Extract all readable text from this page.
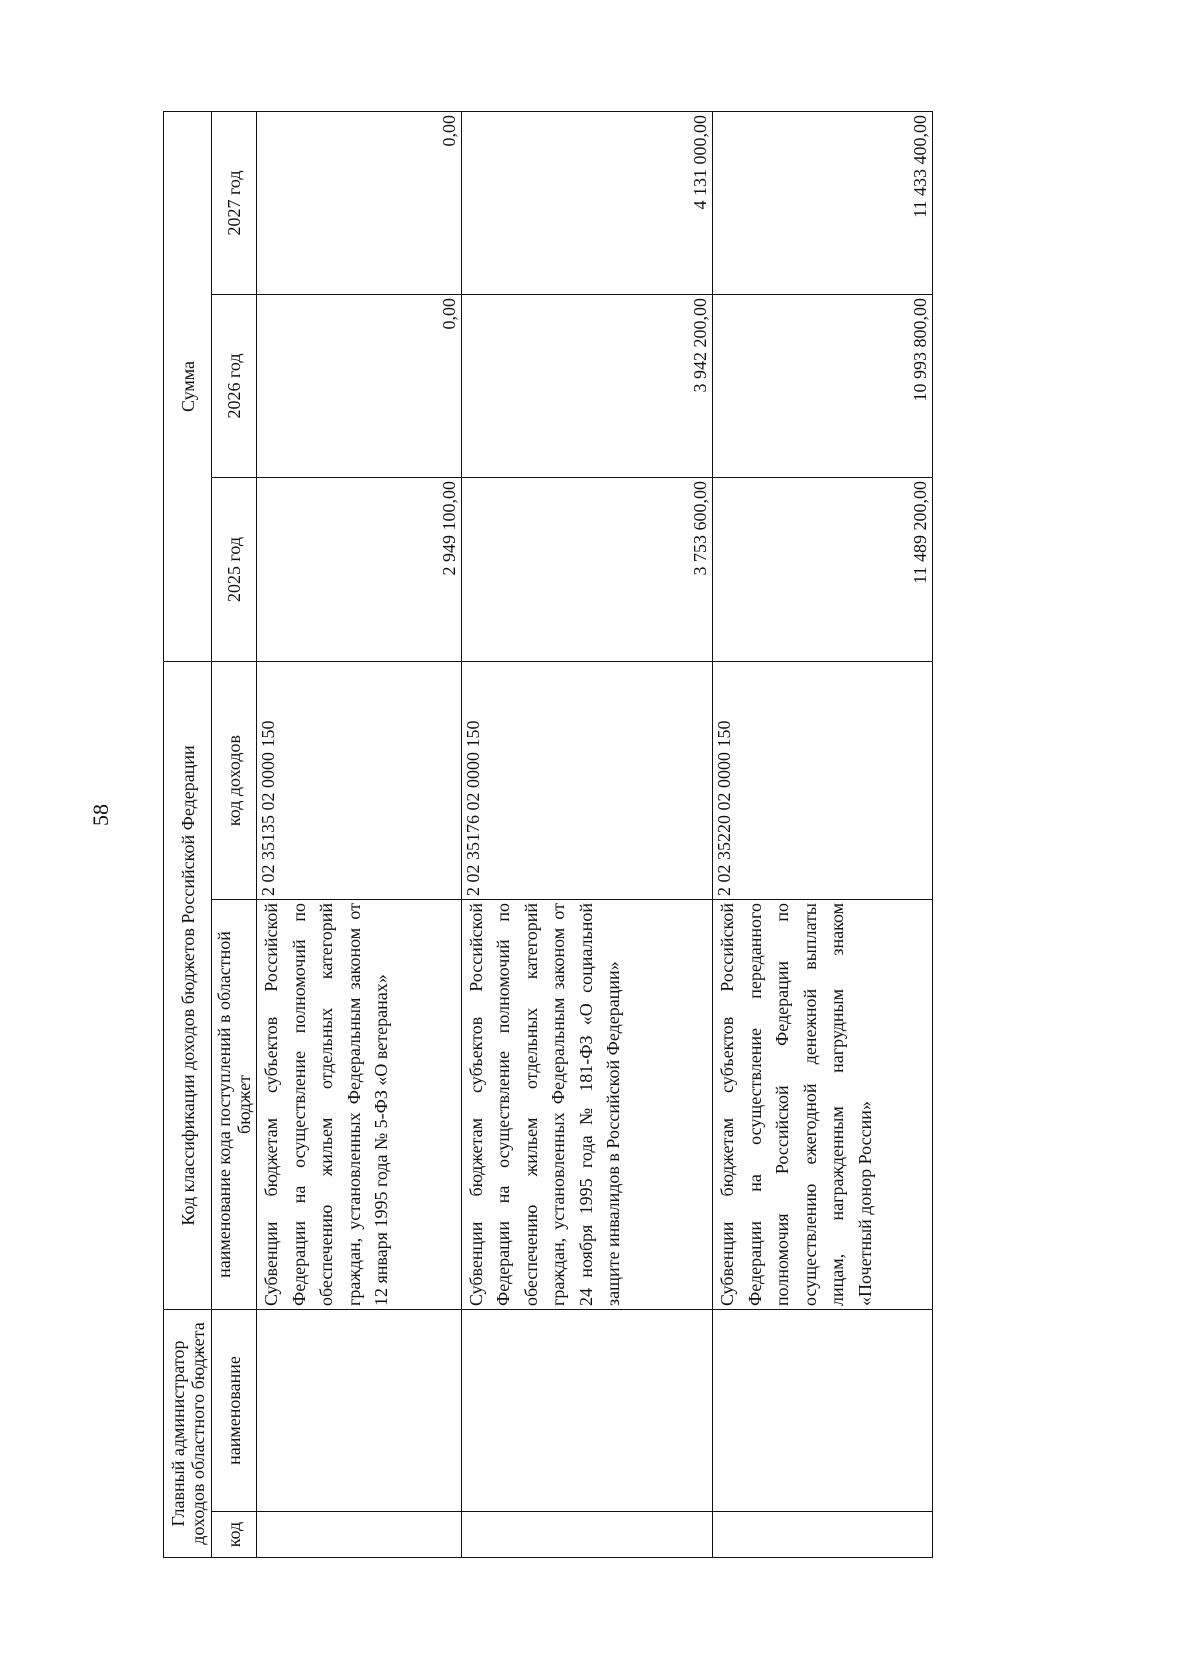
58
Главный администратор доходов областного бюджета		Код классификации доходов бюджетов Российской Федерации		Сумма		
код	наименование	наименование кода поступлений в областной бюджет	код доходов	2025 год	2026 год	2027 год

		Субвенции бюджетам субъектов Российской Федерации на осуществление полномочий по обеспечению жильем отдельных категорий граждан, установленных Федеральным законом от 12 января 1995 года № 5-ФЗ «О ветеранах»	2 02 35135 02 0000 150	2 949 100,00	0,00	0,00

		Субвенции бюджетам субъектов Российской Федерации на осуществление полномочий по обеспечению жильем отдельных категорий граждан, установленных Федеральным законом от 24 ноября 1995 года № 181-ФЗ «О социальной защите инвалидов в Российской Федерации»	2 02 35176 02 0000 150	3 753 600,00	3 942 200,00	4 131 000,00

		Субвенции бюджетам субъектов Российской Федерации на осуществление переданного полномочия Российской Федерации по осуществлению ежегодной денежной выплаты лицам, награжденным нагрудным знаком «Почетный донор России»	2 02 35220 02 0000 150	11 489 200,00	10 993 800,00	11 433 400,00
